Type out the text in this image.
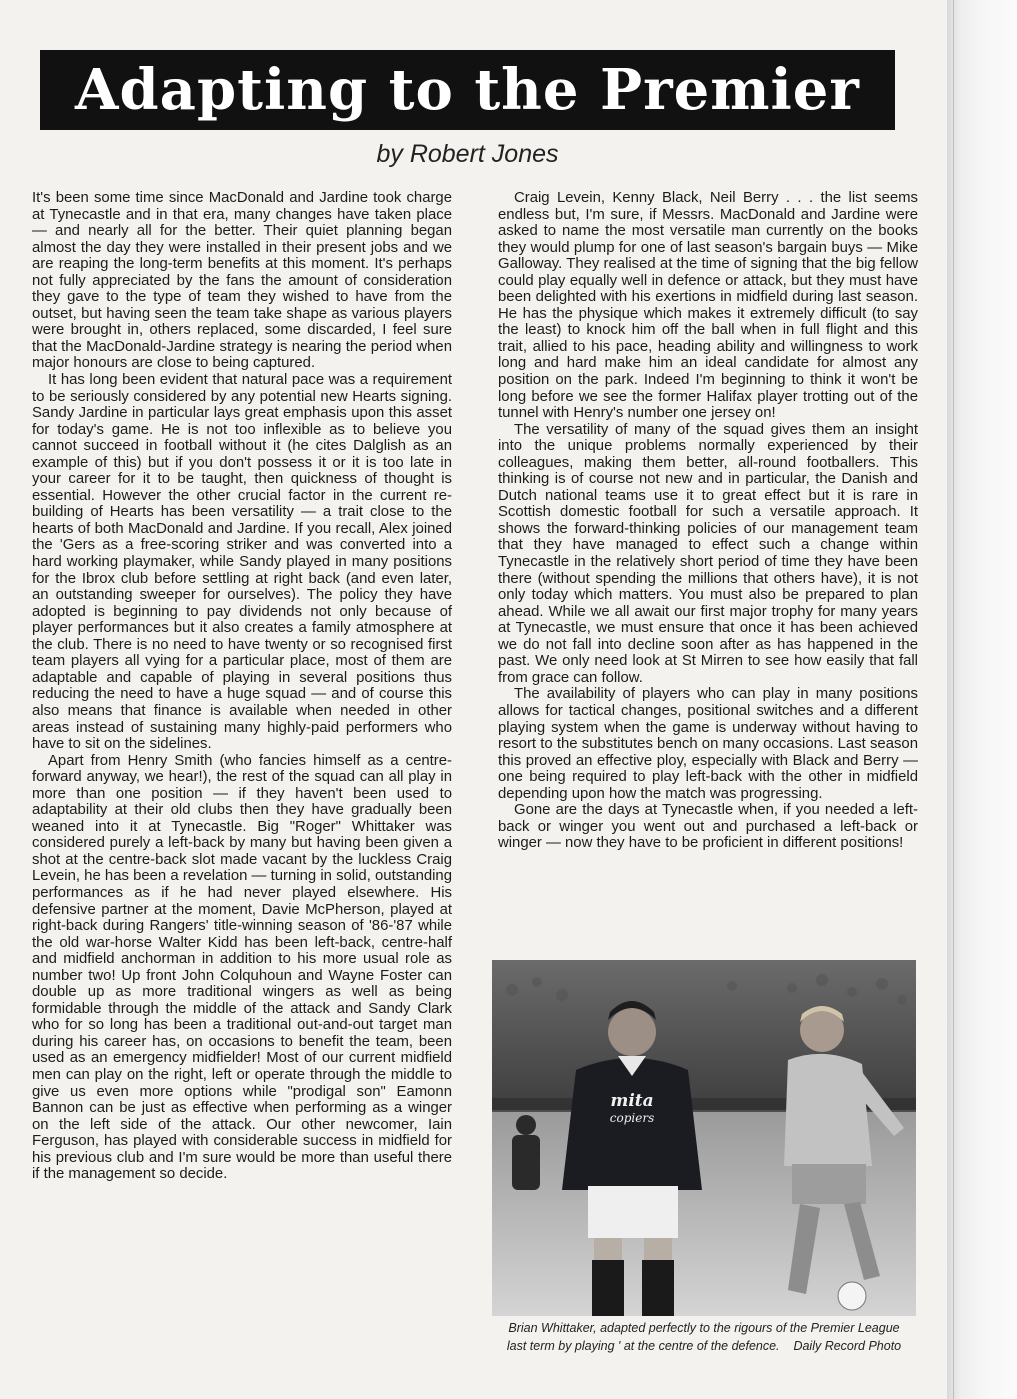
Adapting to the Premier
by Robert Jones

It's been some time since MacDonald and Jardine took charge at Tynecastle and in that era, many changes have taken place — and nearly all for the better. Their quiet planning began almost the day they were installed in their present jobs and we are reaping the long-term benefits at this moment. It's perhaps not fully appreciated by the fans the amount of consideration they gave to the type of team they wished to have from the outset, but having seen the team take shape as various players were brought in, others replaced, some discarded, I feel sure that the MacDonald-Jardine strategy is nearing the period when major honours are close to being captured.

It has long been evident that natural pace was a requirement to be seriously considered by any potential new Hearts signing. Sandy Jardine in particular lays great emphasis upon this asset for today's game. He is not too inflexible as to believe you cannot succeed in football without it (he cites Dalglish as an example of this) but if you don't possess it or it is too late in your career for it to be taught, then quickness of thought is essential. However the other crucial factor in the current re-building of Hearts has been versatility — a trait close to the hearts of both MacDonald and Jardine. If you recall, Alex joined the 'Gers as a free-scoring striker and was converted into a hard working playmaker, while Sandy played in many positions for the Ibrox club before settling at right back (and even later, an outstanding sweeper for ourselves). The policy they have adopted is beginning to pay dividends not only because of player performances but it also creates a family atmosphere at the club. There is no need to have twenty or so recognised first team players all vying for a particular place, most of them are adaptable and capable of playing in several positions thus reducing the need to have a huge squad — and of course this also means that finance is available when needed in other areas instead of sustaining many highly-paid performers who have to sit on the sidelines.

Apart from Henry Smith (who fancies himself as a centre-forward anyway, we hear!), the rest of the squad can all play in more than one position — if they haven't been used to adaptability at their old clubs then they have gradually been weaned into it at Tynecastle. Big "Roger" Whittaker was considered purely a left-back by many but having been given a shot at the centre-back slot made vacant by the luckless Craig Levein, he has been a revelation — turning in solid, outstanding performances as if he had never played elsewhere. His defensive partner at the moment, Davie McPherson, played at right-back during Rangers' title-winning season of '86-'87 while the old war-horse Walter Kidd has been left-back, centre-half and midfield anchorman in addition to his more usual role as number two! Up front John Colquhoun and Wayne Foster can double up as more traditional wingers as well as being formidable through the middle of the attack and Sandy Clark who for so long has been a traditional out-and-out target man during his career has, on occasions to benefit the team, been used as an emergency midfielder! Most of our current midfield men can play on the right, left or operate through the middle to give us even more options while "prodigal son" Eamonn Bannon can be just as effective when performing as a winger on the left side of the attack. Our other newcomer, Iain Ferguson, has played with considerable success in midfield for his previous club and I'm sure would be more than useful there if the management so decide.

Craig Levein, Kenny Black, Neil Berry . . . the list seems endless but, I'm sure, if Messrs. MacDonald and Jardine were asked to name the most versatile man currently on the books they would plump for one of last season's bargain buys — Mike Galloway. They realised at the time of signing that the big fellow could play equally well in defence or attack, but they must have been delighted with his exertions in midfield during last season. He has the physique which makes it extremely difficult (to say the least) to knock him off the ball when in full flight and this trait, allied to his pace, heading ability and willingness to work long and hard make him an ideal candidate for almost any position on the park. Indeed I'm beginning to think it won't be long before we see the former Halifax player trotting out of the tunnel with Henry's number one jersey on!

The versatility of many of the squad gives them an insight into the unique problems normally experienced by their colleagues, making them better, all-round footballers. This thinking is of course not new and in particular, the Danish and Dutch national teams use it to great effect but it is rare in Scottish domestic football for such a versatile approach. It shows the forward-thinking policies of our management team that they have managed to effect such a change within Tynecastle in the relatively short period of time they have been there (without spending the millions that others have), it is not only today which matters. You must also be prepared to plan ahead. While we all await our first major trophy for many years at Tynecastle, we must ensure that once it has been achieved we do not fall into decline soon after as has happened in the past. We only need look at St Mirren to see how easily that fall from grace can follow.

The availability of players who can play in many positions allows for tactical changes, positional switches and a different playing system when the game is underway without having to resort to the substitutes bench on many occasions. Last season this proved an effective ploy, especially with Black and Berry — one being required to play left-back with the other in midfield depending upon how the match was progressing.

Gone are the days at Tynecastle when, if you needed a left-back or winger you went out and purchased a left-back or winger — now they have to be proficient in different positions!

mita
copiers
Brian Whittaker, adapted perfectly to the rigours of the Premier League
last term by playing ' at the centre of the defence. Daily Record Photo
